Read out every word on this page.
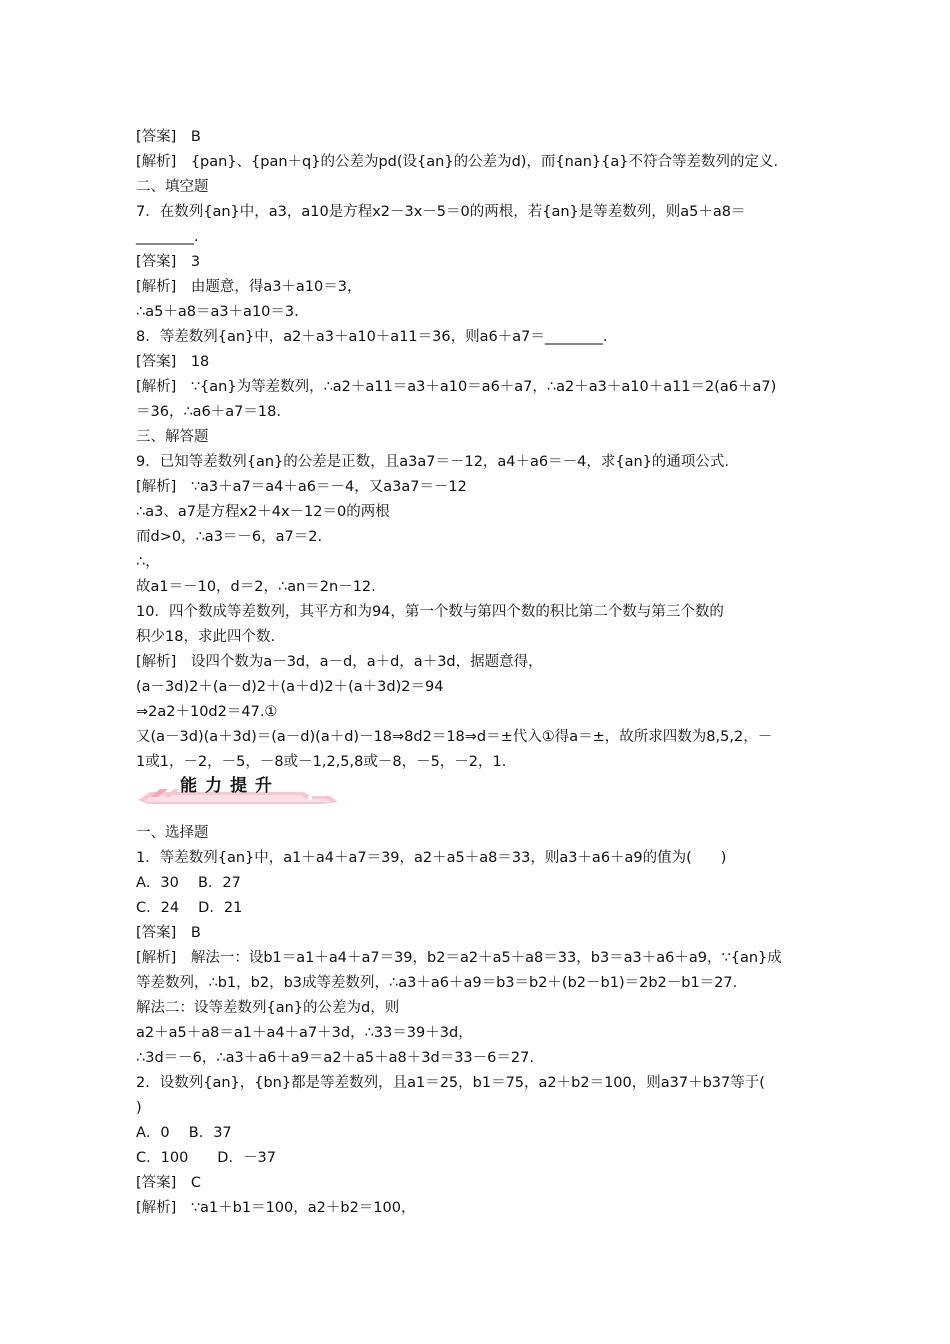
[答案]　B
[解析]　{pan}、{pan＋q}的公差为pd(设{an}的公差为d)，而{nan}{a}不符合等差数列的定义．
二、填空题
7．在数列{an}中，a3，a10是方程x2－3x－5＝0的两根，若{an}是等差数列，则a5＋a8＝
________.
[答案]　3
[解析]　由题意，得a3＋a10＝3，
∴a5＋a8＝a3＋a10＝3.
8．等差数列{an}中，a2＋a3＋a10＋a11＝36，则a6＋a7＝________.
[答案]　18
[解析]　∵{an}为等差数列，∴a2＋a11＝a3＋a10＝a6＋a7，∴a2＋a3＋a10＋a11＝2(a6＋a7)
＝36，∴a6＋a7＝18.
三、解答题
9．已知等差数列{an}的公差是正数，且a3a7＝－12，a4＋a6＝－4，求{an}的通项公式.
[解析]　∵a3＋a7＝a4＋a6＝－4，又a3a7＝－12
∴a3、a7是方程x2＋4x－12＝0的两根
而d>0，∴a3＝－6，a7＝2.
∴，
故a1＝－10，d＝2，∴an＝2n－12.
10．四个数成等差数列，其平方和为94，第一个数与第四个数的积比第二个数与第三个数的
积少18，求此四个数.
[解析]　设四个数为a－3d，a－d，a＋d，a＋3d，据题意得，
(a－3d)2＋(a－d)2＋(a＋d)2＋(a＋3d)2＝94
⇒2a2＋10d2＝47.①
又(a－3d)(a＋3d)＝(a－d)(a＋d)－18⇒8d2＝18⇒d＝±代入①得a＝±，故所求四数为8,5,2，－
1或1，－2，－5，－8或－1,2,5,8或－8，－5，－2，1.
能力提升
一、选择题
1．等差数列{an}中，a1＋a4＋a7＝39，a2＋a5＋a8＝33，则a3＋a6＋a9的值为(　　)
A．30　 B．27
C．24　 D．21
[答案]　B
[解析]　解法一：设b1＝a1＋a4＋a7＝39，b2＝a2＋a5＋a8＝33，b3＝a3＋a6＋a9，∵{an}成
等差数列，∴b1，b2，b3成等差数列，∴a3＋a6＋a9＝b3＝b2＋(b2－b1)＝2b2－b1＝27.
解法二：设等差数列{an}的公差为d，则
a2＋a5＋a8＝a1＋a4＋a7＋3d，∴33＝39＋3d，
∴3d＝－6，∴a3＋a6＋a9＝a2＋a5＋a8＋3d＝33－6＝27.
2．设数列{an}，{bn}都是等差数列，且a1＝25，b1＝75，a2＋b2＝100，则a37＋b37等于(
)
A．0　 B．37
C．100　　D．－37
[答案]　C
[解析]　∵a1＋b1＝100，a2＋b2＝100，
